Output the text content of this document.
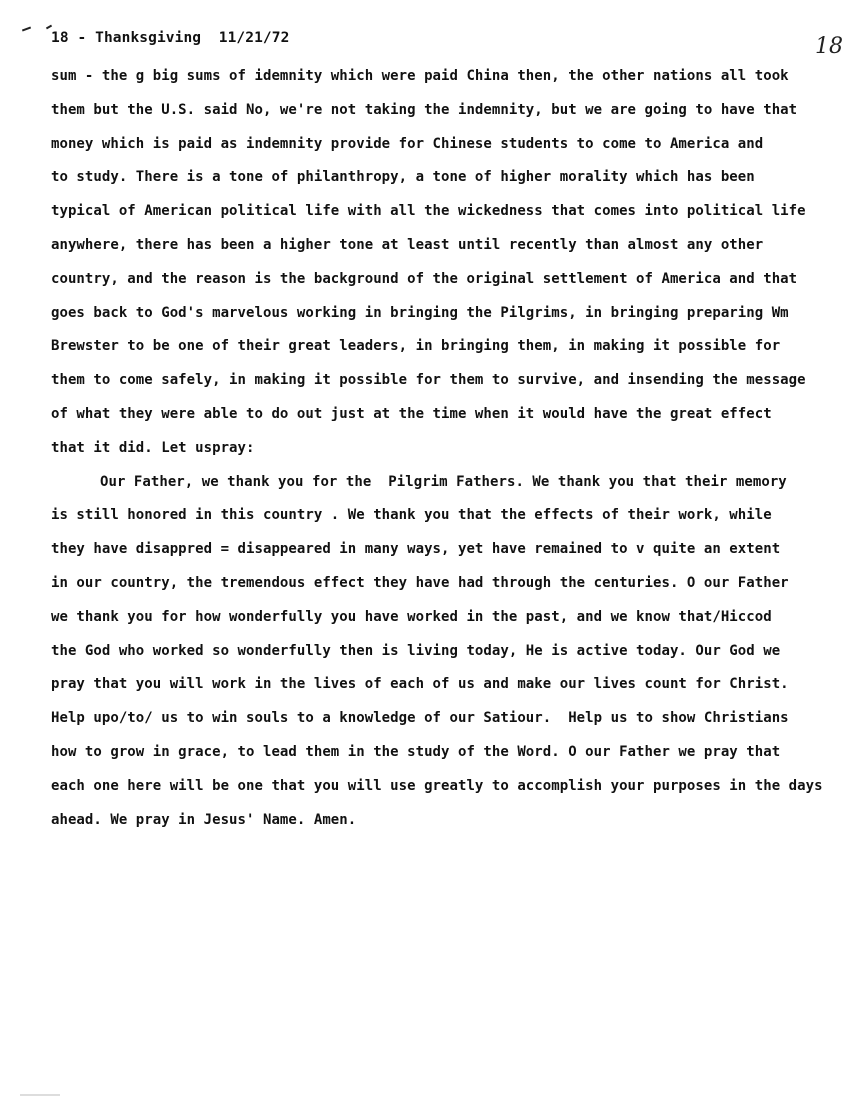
18 - Thanksgiving  11/21/72	18
sum - the g big sums of idemnity which were paid China then, the other nations all took
them but the U.S. said No, we're not taking the indemnity, but we are going to have that
money which is paid as indemnity provide for Chinese students to come to America and
to study. There is a tone of philanthropy, a tone of higher morality which has been
typical of American political life with all the wickedness that comes into political life
anywhere, there has been a higher tone at least until recently than almost any other
country, and the reason is the background of the original settlement of America and that
goes back to God's marvelous working in bringing the Pilgrims, in bringing preparing Wm
Brewster to be one of their great leaders, in bringing them, in making it possible for
them to come safely, in making it possible for them to survive, and insending the message
of what they were able to do out just at the time when it would have the great effect
that it did. Let uspray:
Our Father, we thank you for the  Pilgrim Fathers. We thank you that their memory
is still honored in this country . We thank you that the effects of their work, while
they have disappred = disappeared in many ways, yet have remained to v quite an extent
in our country, the tremendous effect they have had through the centuries. O our Father
we thank you for how wonderfully you have worked in the past, and we know that/Hiccod
the God who worked so wonderfully then is living today, He is active today. Our God we
pray that you will work in the lives of each of us and make our lives count for Christ.
Help upo/to/ us to win souls to a knowledge of our Satiour.  Help us to show Christians
how to grow in grace, to lead them in the study of the Word. O our Father we pray that
each one here will be one that you will use greatly to accomplish your purposes in the days
ahead. We pray in Jesus' Name. Amen.
